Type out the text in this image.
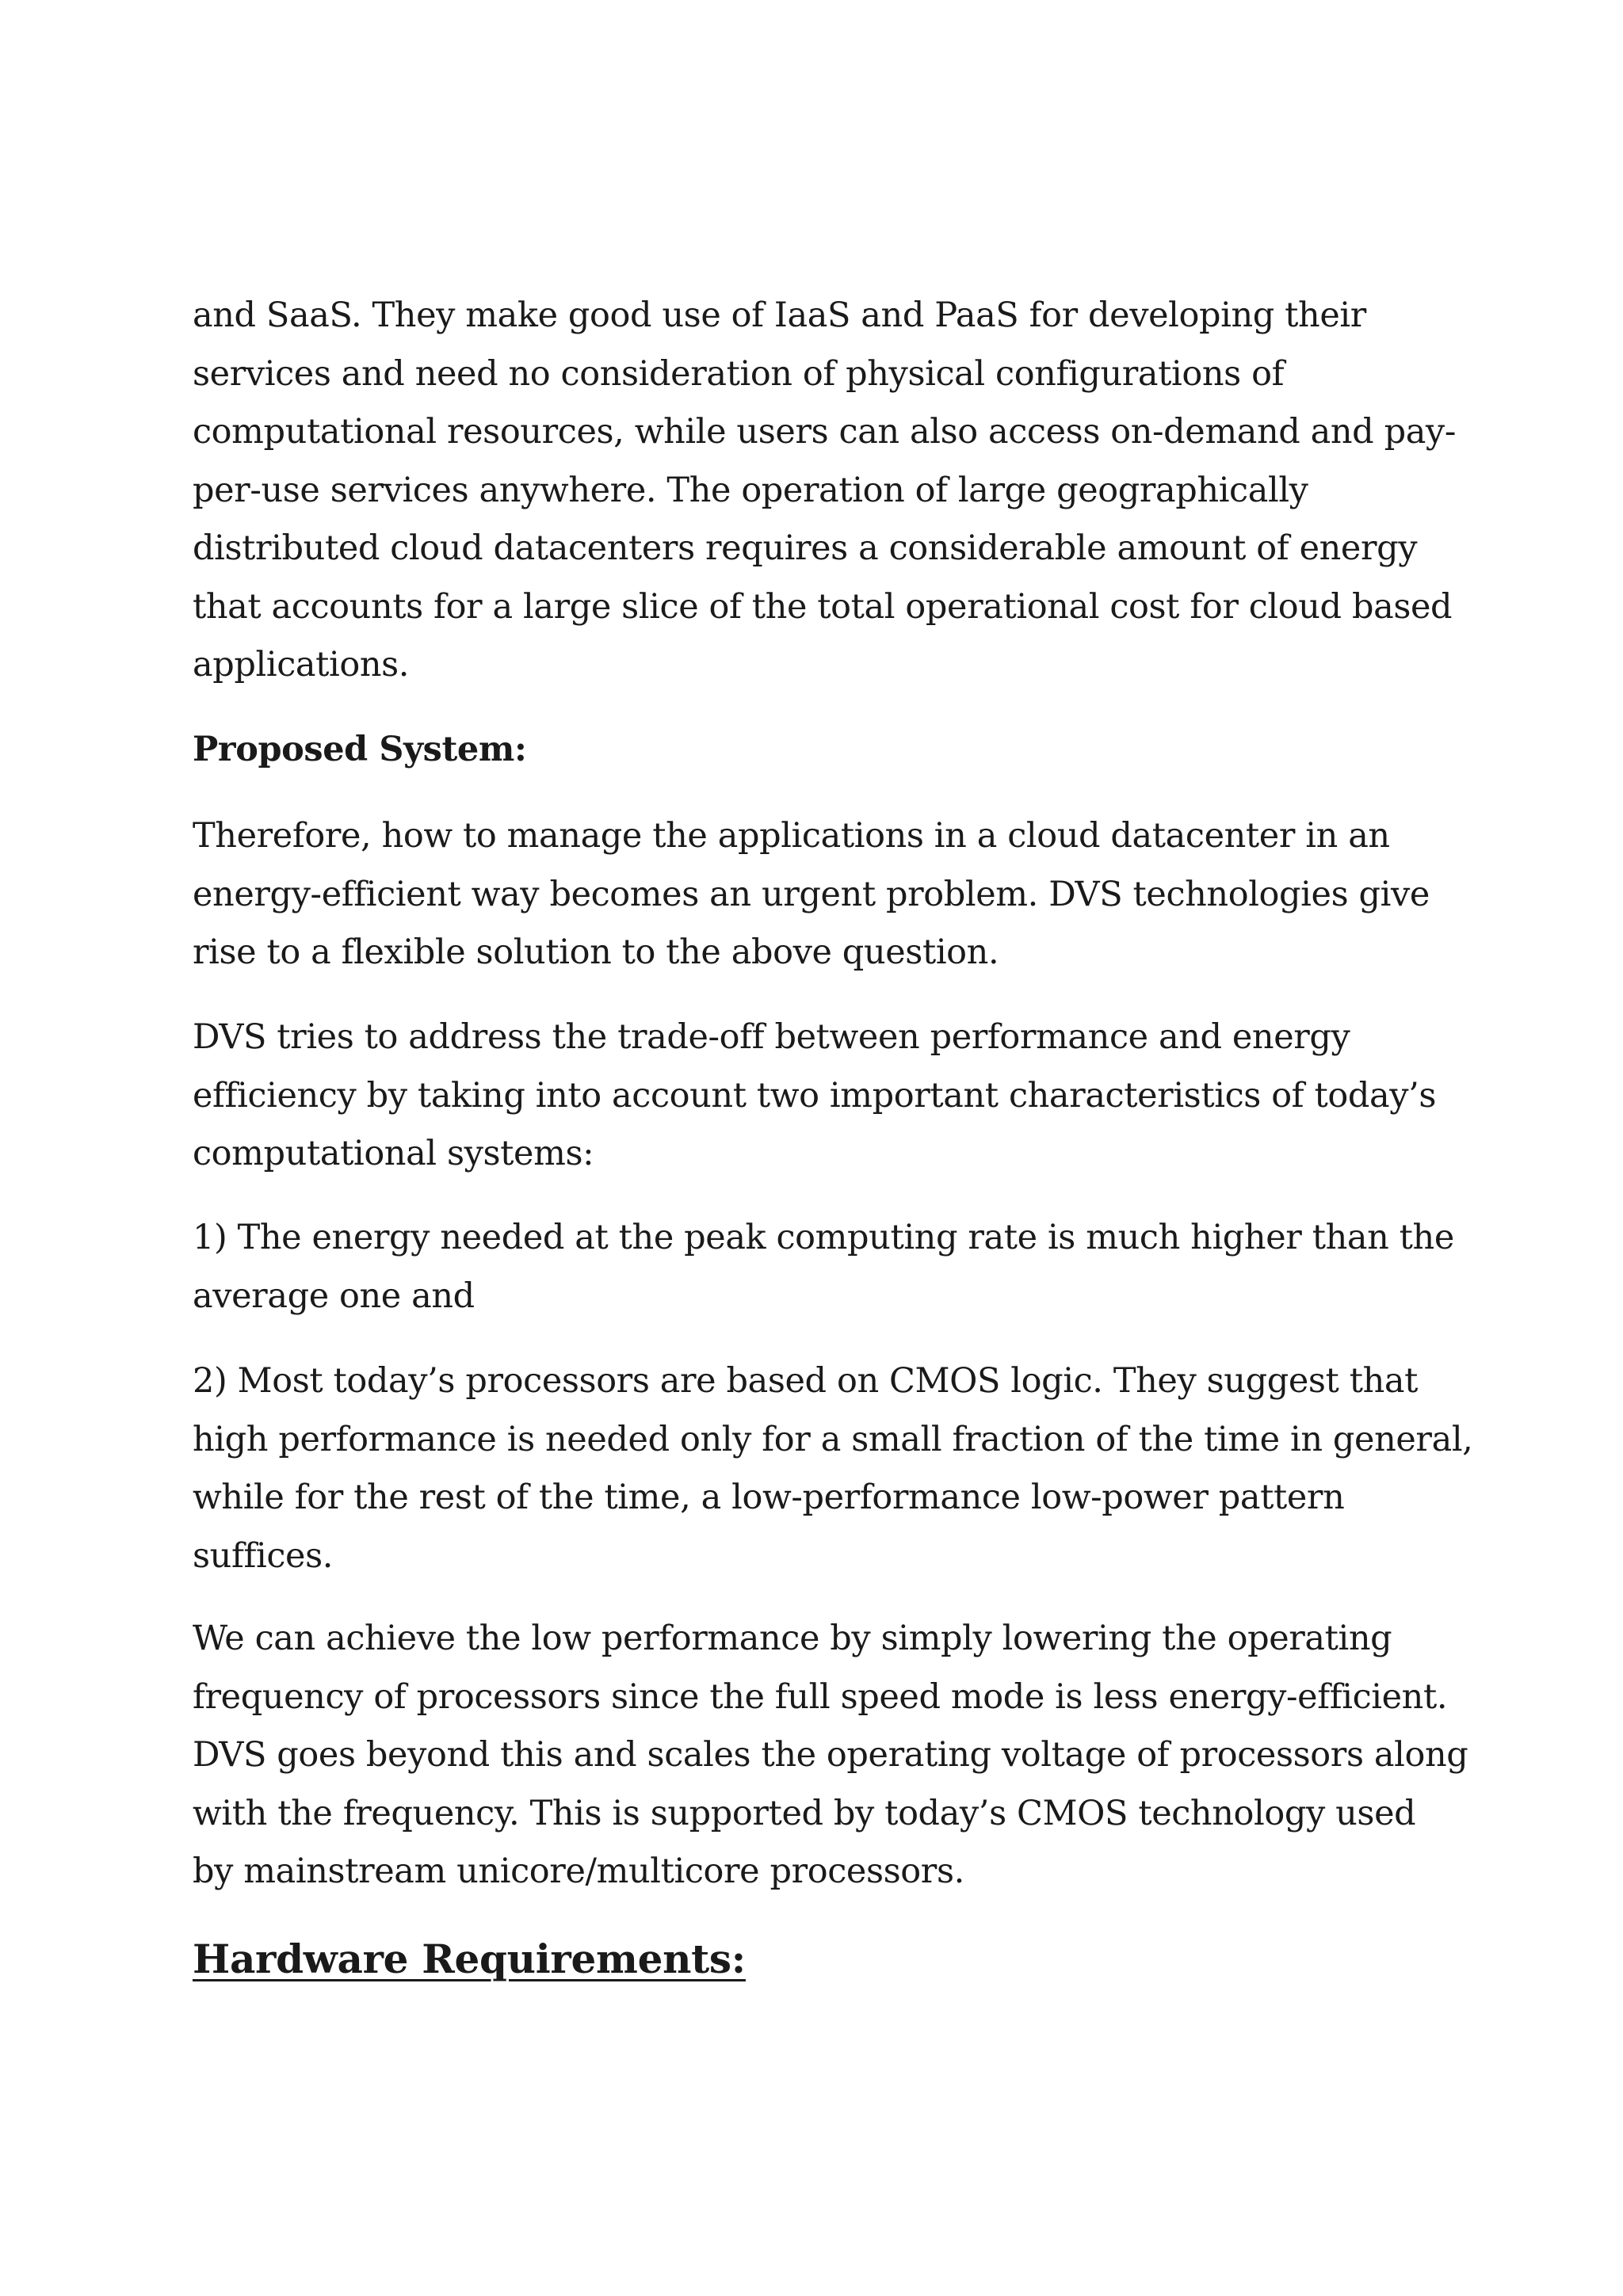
and SaaS. They make good use of IaaS and PaaS for developing their
services and need no consideration of physical configurations of
computational resources, while users can also access on-demand and pay-
per-use services anywhere. The operation of large geographically
distributed cloud datacenters requires a considerable amount of energy
that accounts for a large slice of the total operational cost for cloud based
applications.

Proposed System:

Therefore, how to manage the applications in a cloud datacenter in an
energy-efficient way becomes an urgent problem. DVS technologies give
rise to a flexible solution to the above question.

DVS tries to address the trade-off between performance and energy
efficiency by taking into account two important characteristics of today’s
computational systems:

1) The energy needed at the peak computing rate is much higher than the
average one and

2) Most today’s processors are based on CMOS logic. They suggest that
high performance is needed only for a small fraction of the time in general,
while for the rest of the time, a low-performance low-power pattern
suffices.

We can achieve the low performance by simply lowering the operating
frequency of processors since the full speed mode is less energy-efficient.
DVS goes beyond this and scales the operating voltage of processors along
with the frequency. This is supported by today’s CMOS technology used
by mainstream unicore/multicore processors.

Hardware Requirements:
